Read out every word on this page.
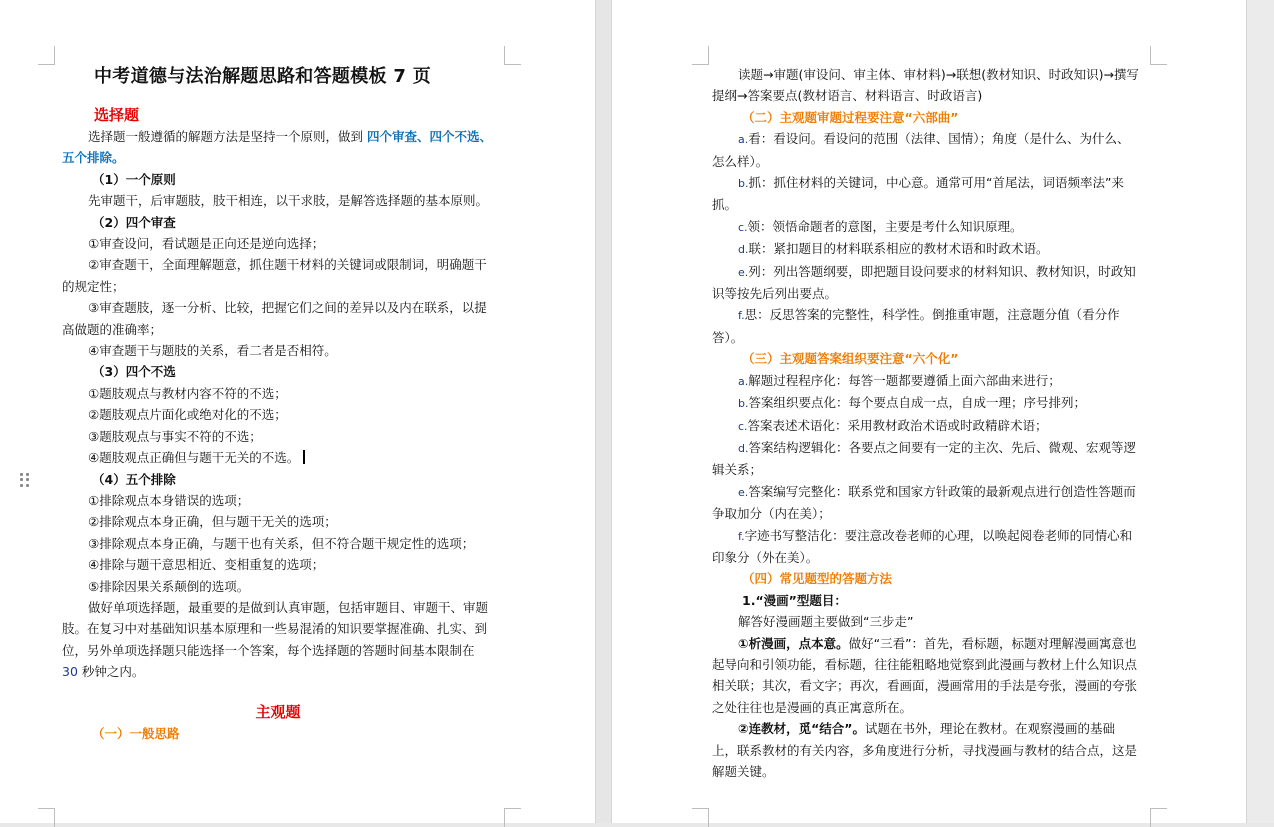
中考道德与法治解题思路和答题模板 7 页
选择题

选择题一般遵循的解题方法是坚持一个原则，做到 四个审查、四个不选、五个排除。

（1）一个原则

先审题干，后审题肢，肢干相连，以干求肢，是解答选择题的基本原则。

（2）四个审查

①审查设问，看试题是正向还是逆向选择；

②审查题干，全面理解题意，抓住题干材料的关键词或限制词，明确题干的规定性；

③审查题肢，逐一分析、比较，把握它们之间的差异以及内在联系，以提高做题的准确率；

④审查题干与题肢的关系，看二者是否相符。

（3）四个不选

①题肢观点与教材内容不符的不选；

②题肢观点片面化或绝对化的不选；

③题肢观点与事实不符的不选；

④题肢观点正确但与题干无关的不选。

（4）五个排除

①排除观点本身错误的选项；

②排除观点本身正确，但与题干无关的选项；

③排除观点本身正确，与题干也有关系，但不符合题干规定性的选项；

④排除与题干意思相近、变相重复的选项；

⑤排除因果关系颠倒的选项。

做好单项选择题，最重要的是做到认真审题，包括审题目、审题干、审题肢。在复习中对基础知识基本原理和一些易混淆的知识要掌握准确、扎实、到位，另外单项选择题只能选择一个答案，每个选择题的答题时间基本限制在 30 秒钟之内。

主观题

（一）一般思路

读题→审题(审设问、审主体、审材料)→联想(教材知识、时政知识)→撰写提纲→答案要点(教材语言、材料语言、时政语言)

（二）主观题审题过程要注意“六部曲”

a.看：看设问。看设问的范围（法律、国情）；角度（是什么、为什么、怎么样）。

b.抓：抓住材料的关键词，中心意。通常可用“首尾法，词语频率法”来抓。

c.领：领悟命题者的意图，主要是考什么知识原理。

d.联：紧扣题目的材料联系相应的教材术语和时政术语。

e.列：列出答题纲要，即把题目设问要求的材料知识、教材知识，时政知识等按先后列出要点。

f.思：反思答案的完整性，科学性。倒推重审题，注意题分值（看分作答）。

（三）主观题答案组织要注意“六个化”

a.解题过程程序化：每答一题都要遵循上面六部曲来进行；

b.答案组织要点化：每个要点自成一点，自成一理；序号排列；

c.答案表述术语化：采用教材政治术语或时政精辟术语；

d.答案结构逻辑化：各要点之间要有一定的主次、先后、微观、宏观等逻辑关系；

e.答案编写完整化：联系党和国家方针政策的最新观点进行创造性答题而争取加分（内在美）；

f.字迹书写整洁化：要注意改卷老师的心理，以唤起阅卷老师的同情心和印象分（外在美）。

（四）常见题型的答题方法

1.“漫画”型题目：

解答好漫画题主要做到“三步走”

①析漫画，点本意。做好“三看”：首先，看标题，标题对理解漫画寓意也起导向和引领功能，看标题，往往能粗略地觉察到此漫画与教材上什么知识点相关联；其次，看文字；再次，看画面，漫画常用的手法是夸张，漫画的夸张之处往往也是漫画的真正寓意所在。

②连教材，觅“结合”。试题在书外，理论在教材。在观察漫画的基础上，联系教材的有关内容，多角度进行分析，寻找漫画与教材的结合点，这是解题关键。
